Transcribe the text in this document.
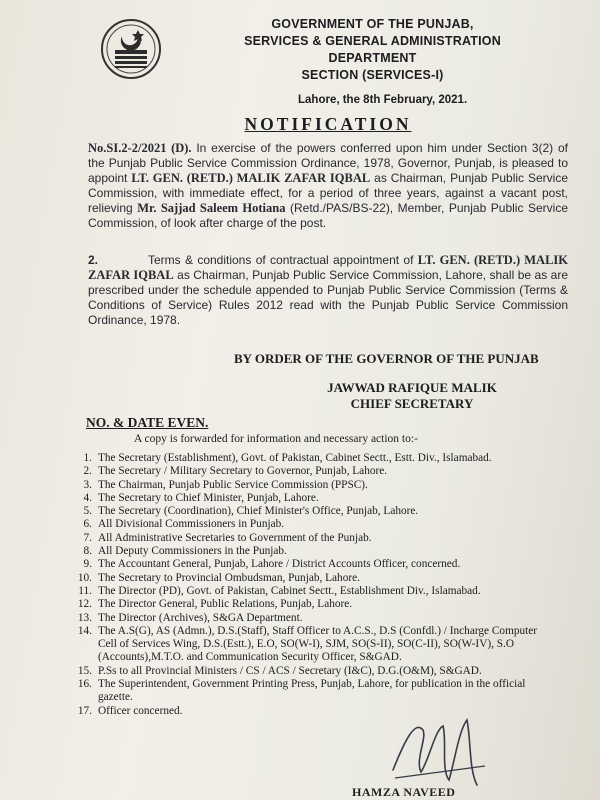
GOVERNMENT OF THE PUNJAB,
SERVICES & GENERAL ADMINISTRATION
DEPARTMENT
SECTION (SERVICES-I)
Lahore, the 8th February, 2021.
NOTIFICATION
No.SI.2-2/2021 (D). In exercise of the powers conferred upon him under Section 3(2) of the Punjab Public Service Commission Ordinance, 1978, Governor, Punjab, is pleased to appoint LT. GEN. (RETD.) MALIK ZAFAR IQBAL as Chairman, Punjab Public Service Commission, with immediate effect, for a period of three years, against a vacant post, relieving Mr. Sajjad Saleem Hotiana (Retd./PAS/BS-22), Member, Punjab Public Service Commission, of look after charge of the post.
2.	Terms & conditions of contractual appointment of LT. GEN. (RETD.) MALIK ZAFAR IQBAL as Chairman, Punjab Public Service Commission, Lahore, shall be as are prescribed under the schedule appended to Punjab Public Service Commission (Terms & Conditions of Service) Rules 2012 read with the Punjab Public Service Commission Ordinance, 1978.
BY ORDER OF THE GOVERNOR OF THE PUNJAB
JAWWAD RAFIQUE MALIK
CHIEF SECRETARY
NO. & DATE EVEN.
A copy is forwarded for information and necessary action to:-
1. The Secretary (Establishment), Govt. of Pakistan, Cabinet Sectt., Estt. Div., Islamabad.
2. The Secretary / Military Secretary to Governor, Punjab, Lahore.
3. The Chairman, Punjab Public Service Commission (PPSC).
4. The Secretary to Chief Minister, Punjab, Lahore.
5. The Secretary (Coordination), Chief Minister's Office, Punjab, Lahore.
6. All Divisional Commissioners in Punjab.
7. All Administrative Secretaries to Government of the Punjab.
8. All Deputy Commissioners in the Punjab.
9. The Accountant General, Punjab, Lahore / District Accounts Officer, concerned.
10. The Secretary to Provincial Ombudsman, Punjab, Lahore.
11. The Director (PD), Govt. of Pakistan, Cabinet Sectt., Establishment Div., Islamabad.
12. The Director General, Public Relations, Punjab, Lahore.
13. The Director (Archives), S&GA Department.
14. The A.S(G), AS (Admn.), D.S.(Staff), Staff Officer to A.C.S., D.S (Confdl.) / Incharge Computer Cell of Services Wing, D.S.(Estt.), E.O, SO(W-I), SJM, SO(S-II), SO(C-II), SO(W-IV), S.O (Accounts),M.T.O. and Communication Security Officer, S&GAD.
15. P.Ss to all Provincial Ministers / CS / ACS / Secretary (I&C), D.G.(O&M), S&GAD.
16. The Superintendent, Government Printing Press, Punjab, Lahore, for publication in the official gazette.
17. Officer concerned.
HAMZA NAVEED
